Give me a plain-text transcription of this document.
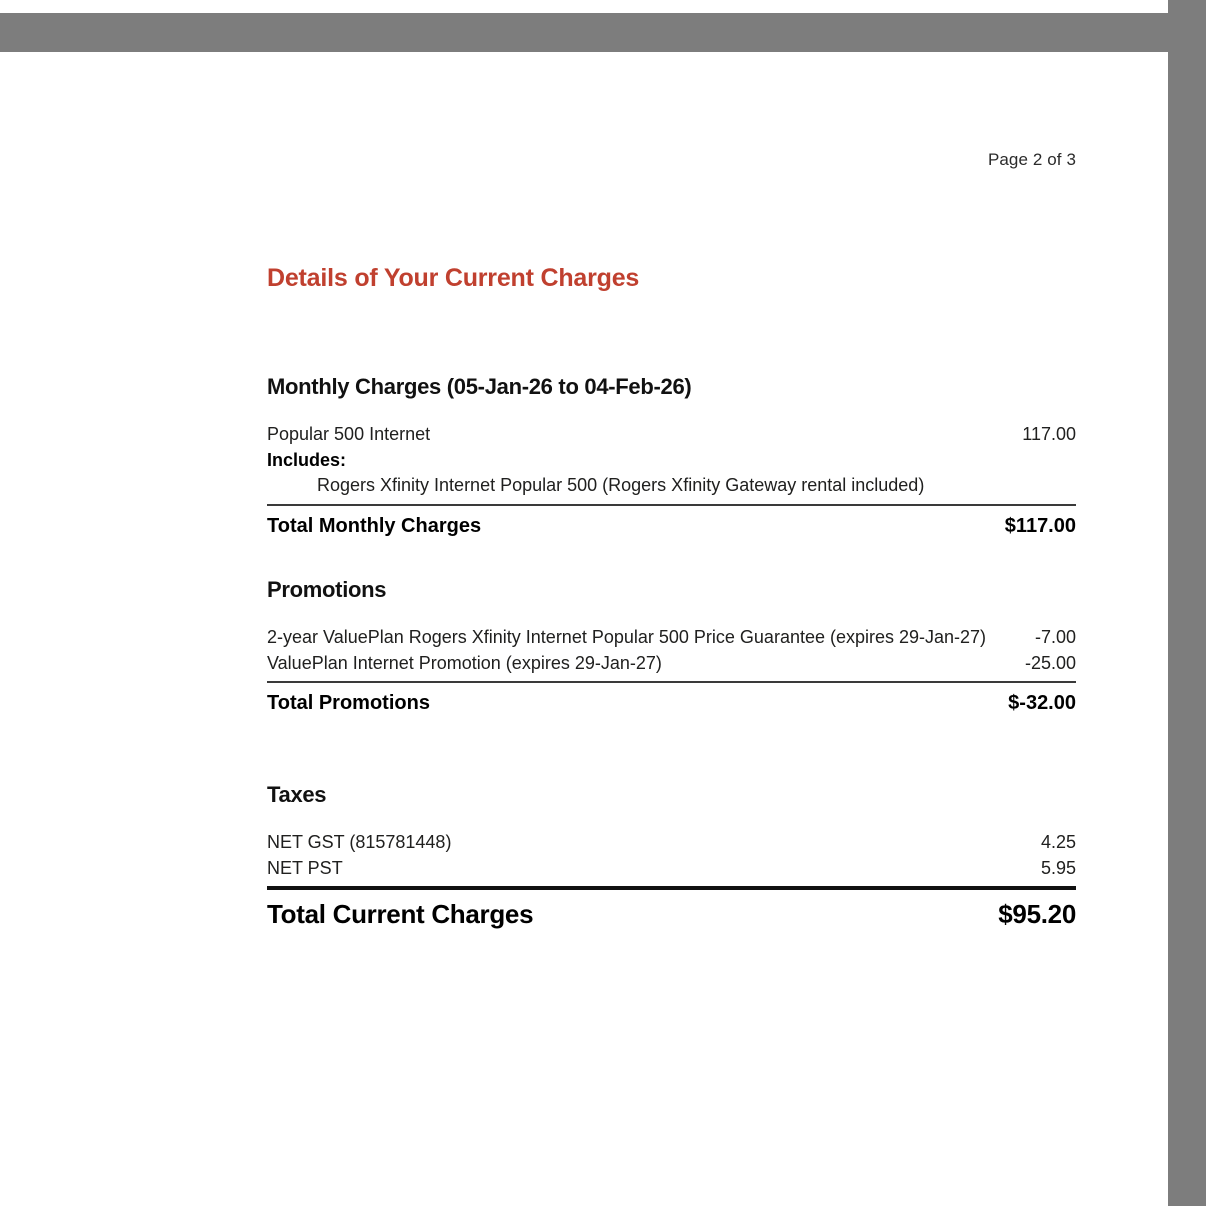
Page 2 of 3
Details of Your Current Charges
Monthly Charges (05-Jan-26 to 04-Feb-26)
Popular 500 Internet	117.00
Includes:
Rogers Xfinity Internet Popular 500 (Rogers Xfinity Gateway rental included)
Total Monthly Charges	$117.00
Promotions
2-year ValuePlan Rogers Xfinity Internet Popular 500 Price Guarantee (expires 29-Jan-27)	-7.00
ValuePlan Internet Promotion (expires 29-Jan-27)	-25.00
Total Promotions	$-32.00
Taxes
NET GST (815781448)	4.25
NET PST	5.95
Total Current Charges	$95.20
